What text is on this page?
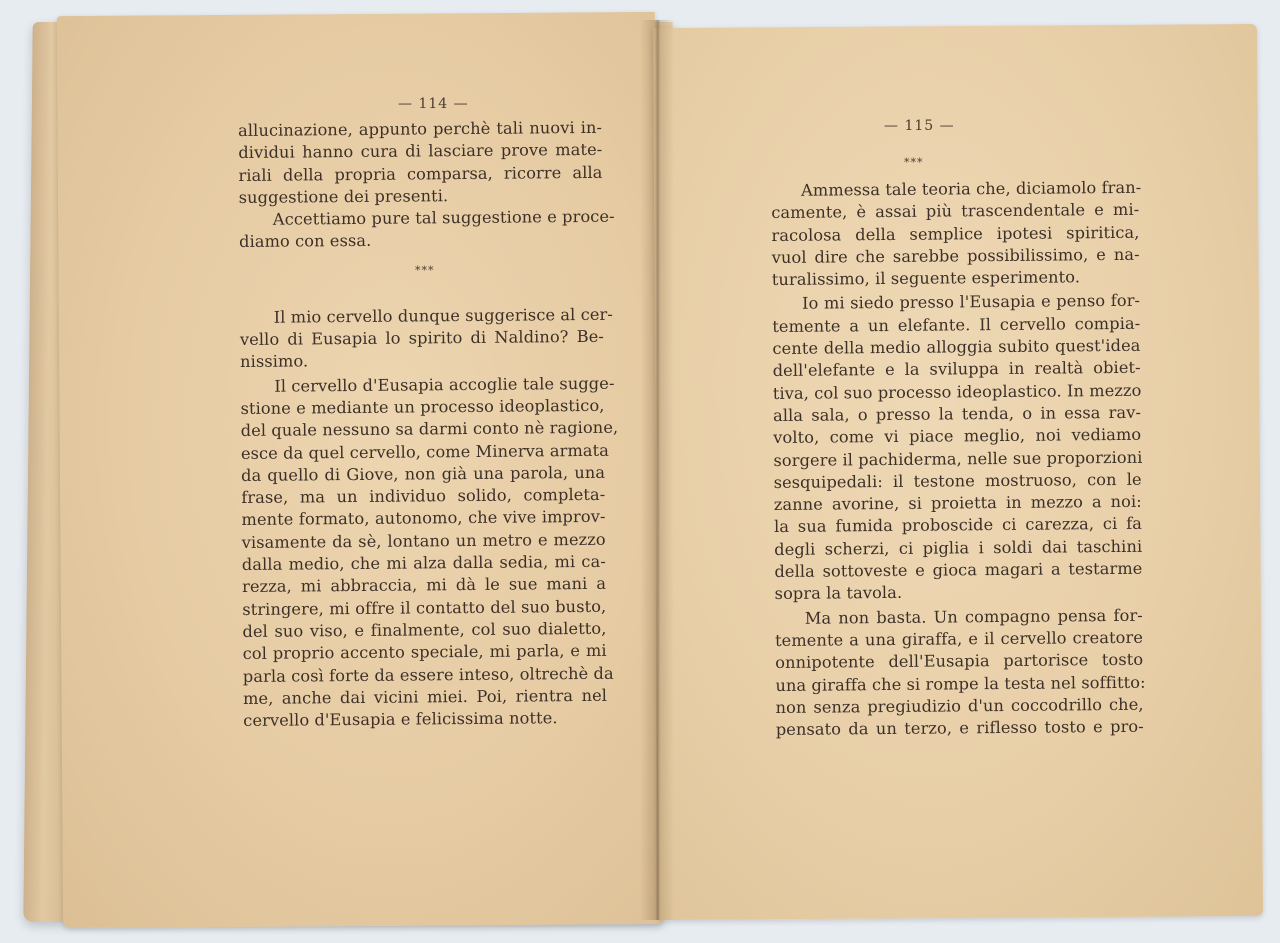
— 114 —
— 115 —
allucinazione, appunto perchè tali nuovi in-
dividui hanno cura di lasciare prove mate-
riali della propria comparsa, ricorre alla
suggestione dei presenti.
Accettiamo pure tal suggestione e proce-
diamo con essa.
Il mio cervello dunque suggerisce al cer-
vello di Eusapia lo spirito di Naldino? Be-
nissimo.
Il cervello d'Eusapia accoglie tale sugge-
stione e mediante un processo ideoplastico,
del quale nessuno sa darmi conto nè ragione,
esce da quel cervello, come Minerva armata
da quello di Giove, non già una parola, una
frase, ma un individuo solido, completa-
mente formato, autonomo, che vive improv-
visamente da sè, lontano un metro e mezzo
dalla medio, che mi alza dalla sedia, mi ca-
rezza, mi abbraccia, mi dà le sue mani a
stringere, mi offre il contatto del suo busto,
del suo viso, e finalmente, col suo dialetto,
col proprio accento speciale, mi parla, e mi
parla così forte da essere inteso, oltrechè da
me, anche dai vicini miei. Poi, rientra nel
cervello d'Eusapia e felicissima notte.
***
***
Ammessa tale teoria che, diciamolo fran-
camente, è assai più trascendentale e mi-
racolosa della semplice ipotesi spiritica,
vuol dire che sarebbe possibilissimo, e na-
turalissimo, il seguente esperimento.
Io mi siedo presso l'Eusapia e penso for-
temente a un elefante. Il cervello compia-
cente della medio alloggia subito quest'idea
dell'elefante e la sviluppa in realtà obiet-
tiva, col suo processo ideoplastico. In mezzo
alla sala, o presso la tenda, o in essa rav-
volto, come vi piace meglio, noi vediamo
sorgere il pachiderma, nelle sue proporzioni
sesquipedali: il testone mostruoso, con le
zanne avorine, si proietta in mezzo a noi:
la sua fumida proboscide ci carezza, ci fa
degli scherzi, ci piglia i soldi dai taschini
della sottoveste e gioca magari a testarme
sopra la tavola.
Ma non basta. Un compagno pensa for-
temente a una giraffa, e il cervello creatore
onnipotente dell'Eusapia partorisce tosto
una giraffa che si rompe la testa nel soffitto:
non senza pregiudizio d'un coccodrillo che,
pensato da un terzo, e riflesso tosto e pro-
